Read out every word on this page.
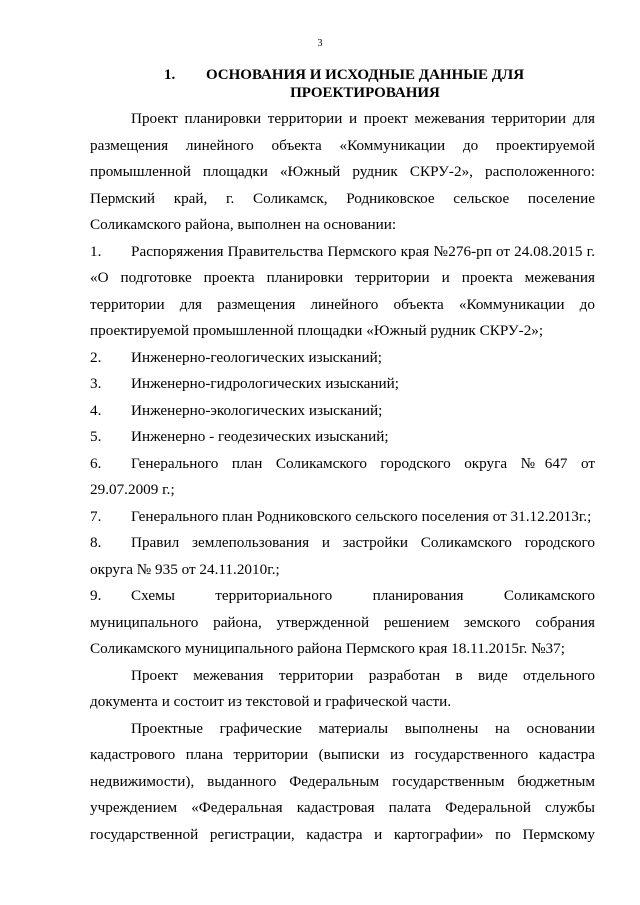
3
1.	ОСНОВАНИЯ И ИСХОДНЫЕ ДАННЫЕ ДЛЯ ПРОЕКТИРОВАНИЯ

Проект планировки территории и проект межевания территории для размещения линейного объекта «Коммуникации до проектируемой промышленной площадки «Южный рудник СКРУ-2», расположенного: Пермский край, г. Соликамск, Родниковское сельское поселение Соликамского района, выполнен на основании:

1. Распоряжения Правительства Пермского края №276-рп от 24.08.2015 г. «О подготовке проекта планировки территории и проекта межевания территории для размещения линейного объекта «Коммуникации до проектируемой промышленной площадки «Южный рудник СКРУ-2»;

2. Инженерно-геологических изысканий;

3. Инженерно-гидрологических изысканий;

4. Инженерно-экологических изысканий;

5. Инженерно - геодезических изысканий;

6. Генерального план Соликамского городского округа №647 от 29.07.2009 г.;

7. Генерального план Родниковского сельского поселения от 31.12.2013г.;

8. Правил землепользования и застройки Соликамского городского округа № 935 от 24.11.2010г.;

9. Схемы территориального планирования Соликамского муниципального района, утвержденной решением земского собрания Соликамского муниципального района Пермского края 18.11.2015г. №37;

Проект межевания территории разработан в виде отдельного документа и состоит из текстовой и графической части.

Проектные графические материалы выполнены на основании кадастрового плана территории (выписки из государственного кадастра недвижимости), выданного Федеральным государственным бюджетным учреждением «Федеральная кадастровая палата Федеральной службы государственной регистрации, кадастра и картографии» по Пермскому
